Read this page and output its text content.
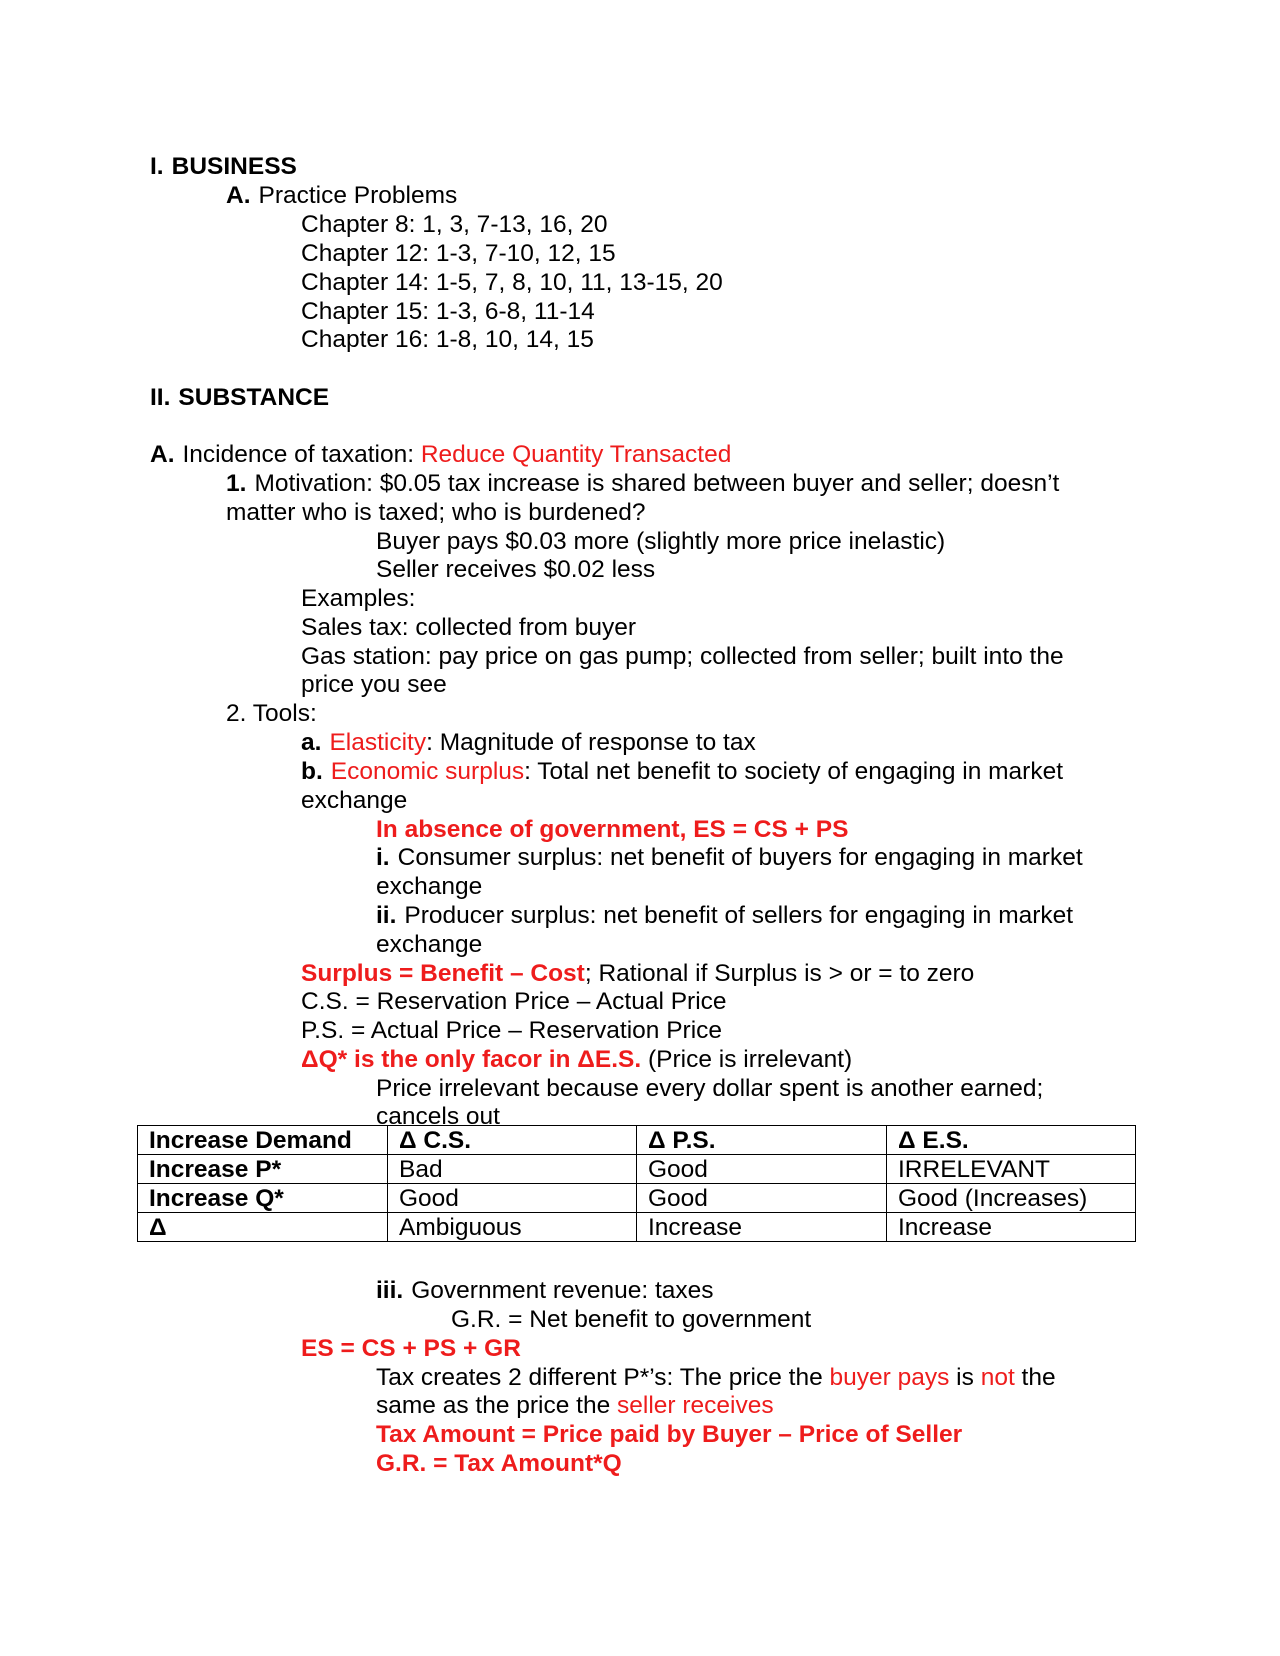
I. BUSINESS
A. Practice Problems
Chapter 8: 1, 3, 7-13, 16, 20
Chapter 12: 1-3, 7-10, 12, 15
Chapter 14: 1-5, 7, 8, 10, 11, 13-15, 20
Chapter 15: 1-3, 6-8, 11-14
Chapter 16: 1-8, 10, 14, 15
II. SUBSTANCE
A. Incidence of taxation: Reduce Quantity Transacted
1. Motivation: $0.05 tax increase is shared between buyer and seller; doesn’t
matter who is taxed; who is burdened?
Buyer pays $0.03 more (slightly more price inelastic)
Seller receives $0.02 less
Examples:
Sales tax: collected from buyer
Gas station: pay price on gas pump; collected from seller; built into the
price you see
2. Tools:
a. Elasticity: Magnitude of response to tax
b. Economic surplus: Total net benefit to society of engaging in market
exchange
In absence of government, ES = CS + PS
i. Consumer surplus: net benefit of buyers for engaging in market
exchange
ii. Producer surplus: net benefit of sellers for engaging in market
exchange
Surplus = Benefit – Cost; Rational if Surplus is > or = to zero
C.S. = Reservation Price – Actual Price
P.S. = Actual Price – Reservation Price
ΔQ* is the only facor in ΔE.S. (Price is irrelevant)
Price irrelevant because every dollar spent is another earned;
cancels out
Increase Demand	Δ C.S.	Δ P.S.	Δ E.S.
Increase P*	Bad	Good	IRRELEVANT
Increase Q*	Good	Good	Good (Increases)
Δ	Ambiguous	Increase	Increase
iii. Government revenue: taxes
G.R. = Net benefit to government
ES = CS + PS + GR
Tax creates 2 different P*’s: The price the buyer pays is not the
same as the price the seller receives
Tax Amount = Price paid by Buyer – Price of Seller
G.R. = Tax Amount*Q
